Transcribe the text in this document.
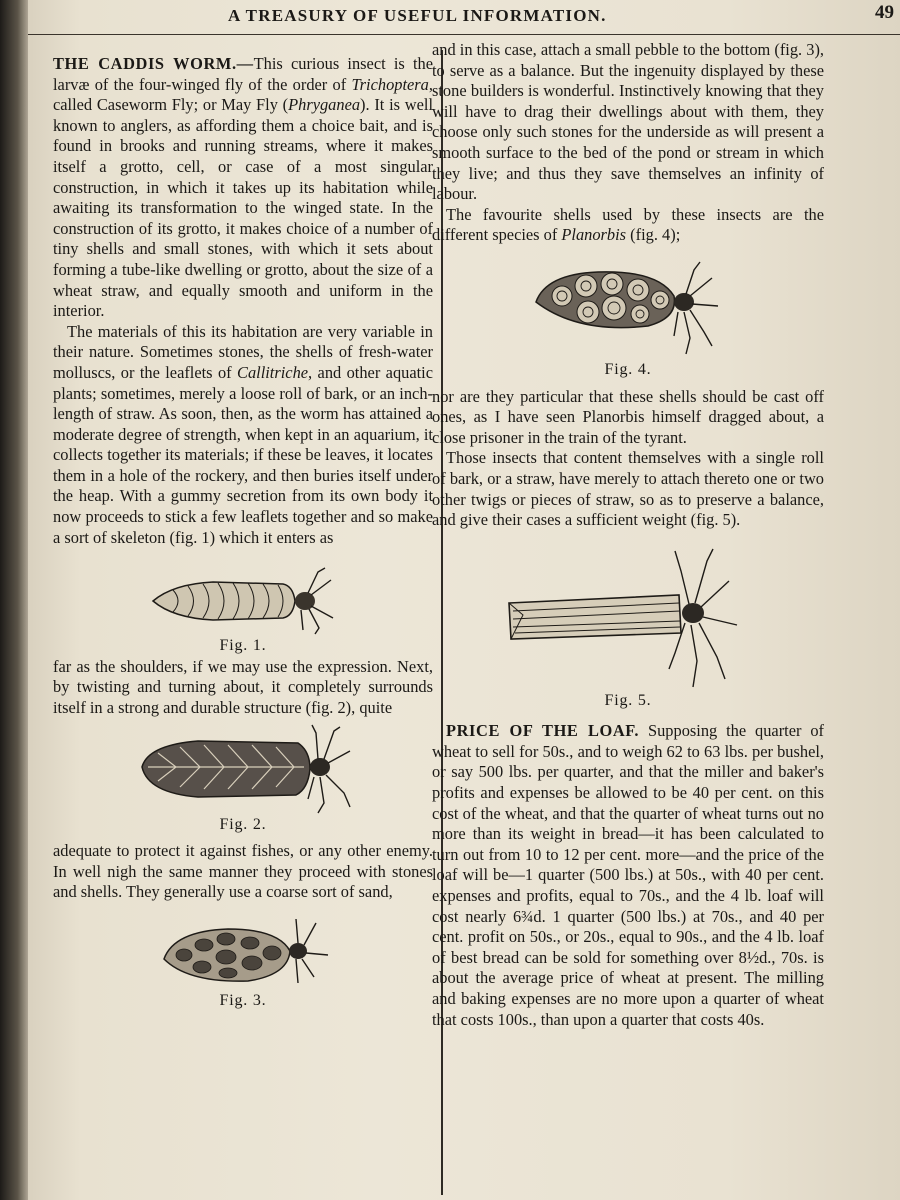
A TREASURY OF USEFUL INFORMATION.	49

THE CADDIS WORM.—This curious insect is the larvæ of the four-winged fly of the order of Trichoptera, called Caseworm Fly; or May Fly (Phryganea). It is well known to anglers, as affording them a choice bait, and is found in brooks and running streams, where it makes itself a grotto, cell, or case of a most singular construction, in which it takes up its habitation while awaiting its transformation to the winged state. In the construction of its grotto, it makes choice of a number of tiny shells and small stones, with which it sets about forming a tube-like dwelling or grotto, about the size of a wheat straw, and equally smooth and uniform in the interior.

The materials of this its habitation are very variable in their nature. Sometimes stones, the shells of fresh-water molluscs, or the leaflets of Callitriche, and other aquatic plants; sometimes, merely a loose roll of bark, or an inch-length of straw. As soon, then, as the worm has attained a moderate degree of strength, when kept in an aquarium, it collects together its materials; if these be leaves, it locates them in a hole of the rockery, and then buries itself under the heap. With a gummy secretion from its own body it now proceeds to stick a few leaflets together and so make a sort of skeleton (fig. 1) which it enters as

Fig. 1.

far as the shoulders, if we may use the expression. Next, by twisting and turning about, it completely surrounds itself in a strong and durable structure (fig. 2), quite

Fig. 2.

adequate to protect it against fishes, or any other enemy. In well nigh the same manner they proceed with stones and shells. They generally use a coarse sort of sand,

Fig. 3.

and in this case, attach a small pebble to the bottom (fig. 3), to serve as a balance. But the ingenuity displayed by these stone builders is wonderful. Instinctively knowing that they will have to drag their dwellings about with them, they choose only such stones for the underside as will present a smooth surface to the bed of the pond or stream in which they live; and thus they save themselves an infinity of labour.

The favourite shells used by these insects are the different species of Planorbis (fig. 4);

Fig. 4.

nor are they particular that these shells should be cast off ones, as I have seen Planorbis himself dragged about, a close prisoner in the train of the tyrant.

Those insects that content themselves with a single roll of bark, or a straw, have merely to attach thereto one or two other twigs or pieces of straw, so as to preserve a balance, and give their cases a sufficient weight (fig. 5).

Fig. 5.

PRICE OF THE LOAF. Supposing the quarter of wheat to sell for 50s., and to weigh 62 to 63 lbs. per bushel, or say 500 lbs. per quarter, and that the miller and baker's profits and expenses be allowed to be 40 per cent. on this cost of the wheat, and that the quarter of wheat turns out no more than its weight in bread—it has been calculated to turn out from 10 to 12 per cent. more—and the price of the loaf will be—1 quarter (500 lbs.) at 50s., with 40 per cent. expenses and profits, equal to 70s., and the 4 lb. loaf will cost nearly 6¾d. 1 quarter (500 lbs.) at 70s., and 40 per cent. profit on 50s., or 20s., equal to 90s., and the 4 lb. loaf of best bread can be sold for something over 8½d., 70s. is about the average price of wheat at present. The milling and baking expenses are no more upon a quarter of wheat that costs 100s., than upon a quarter that costs 40s.
